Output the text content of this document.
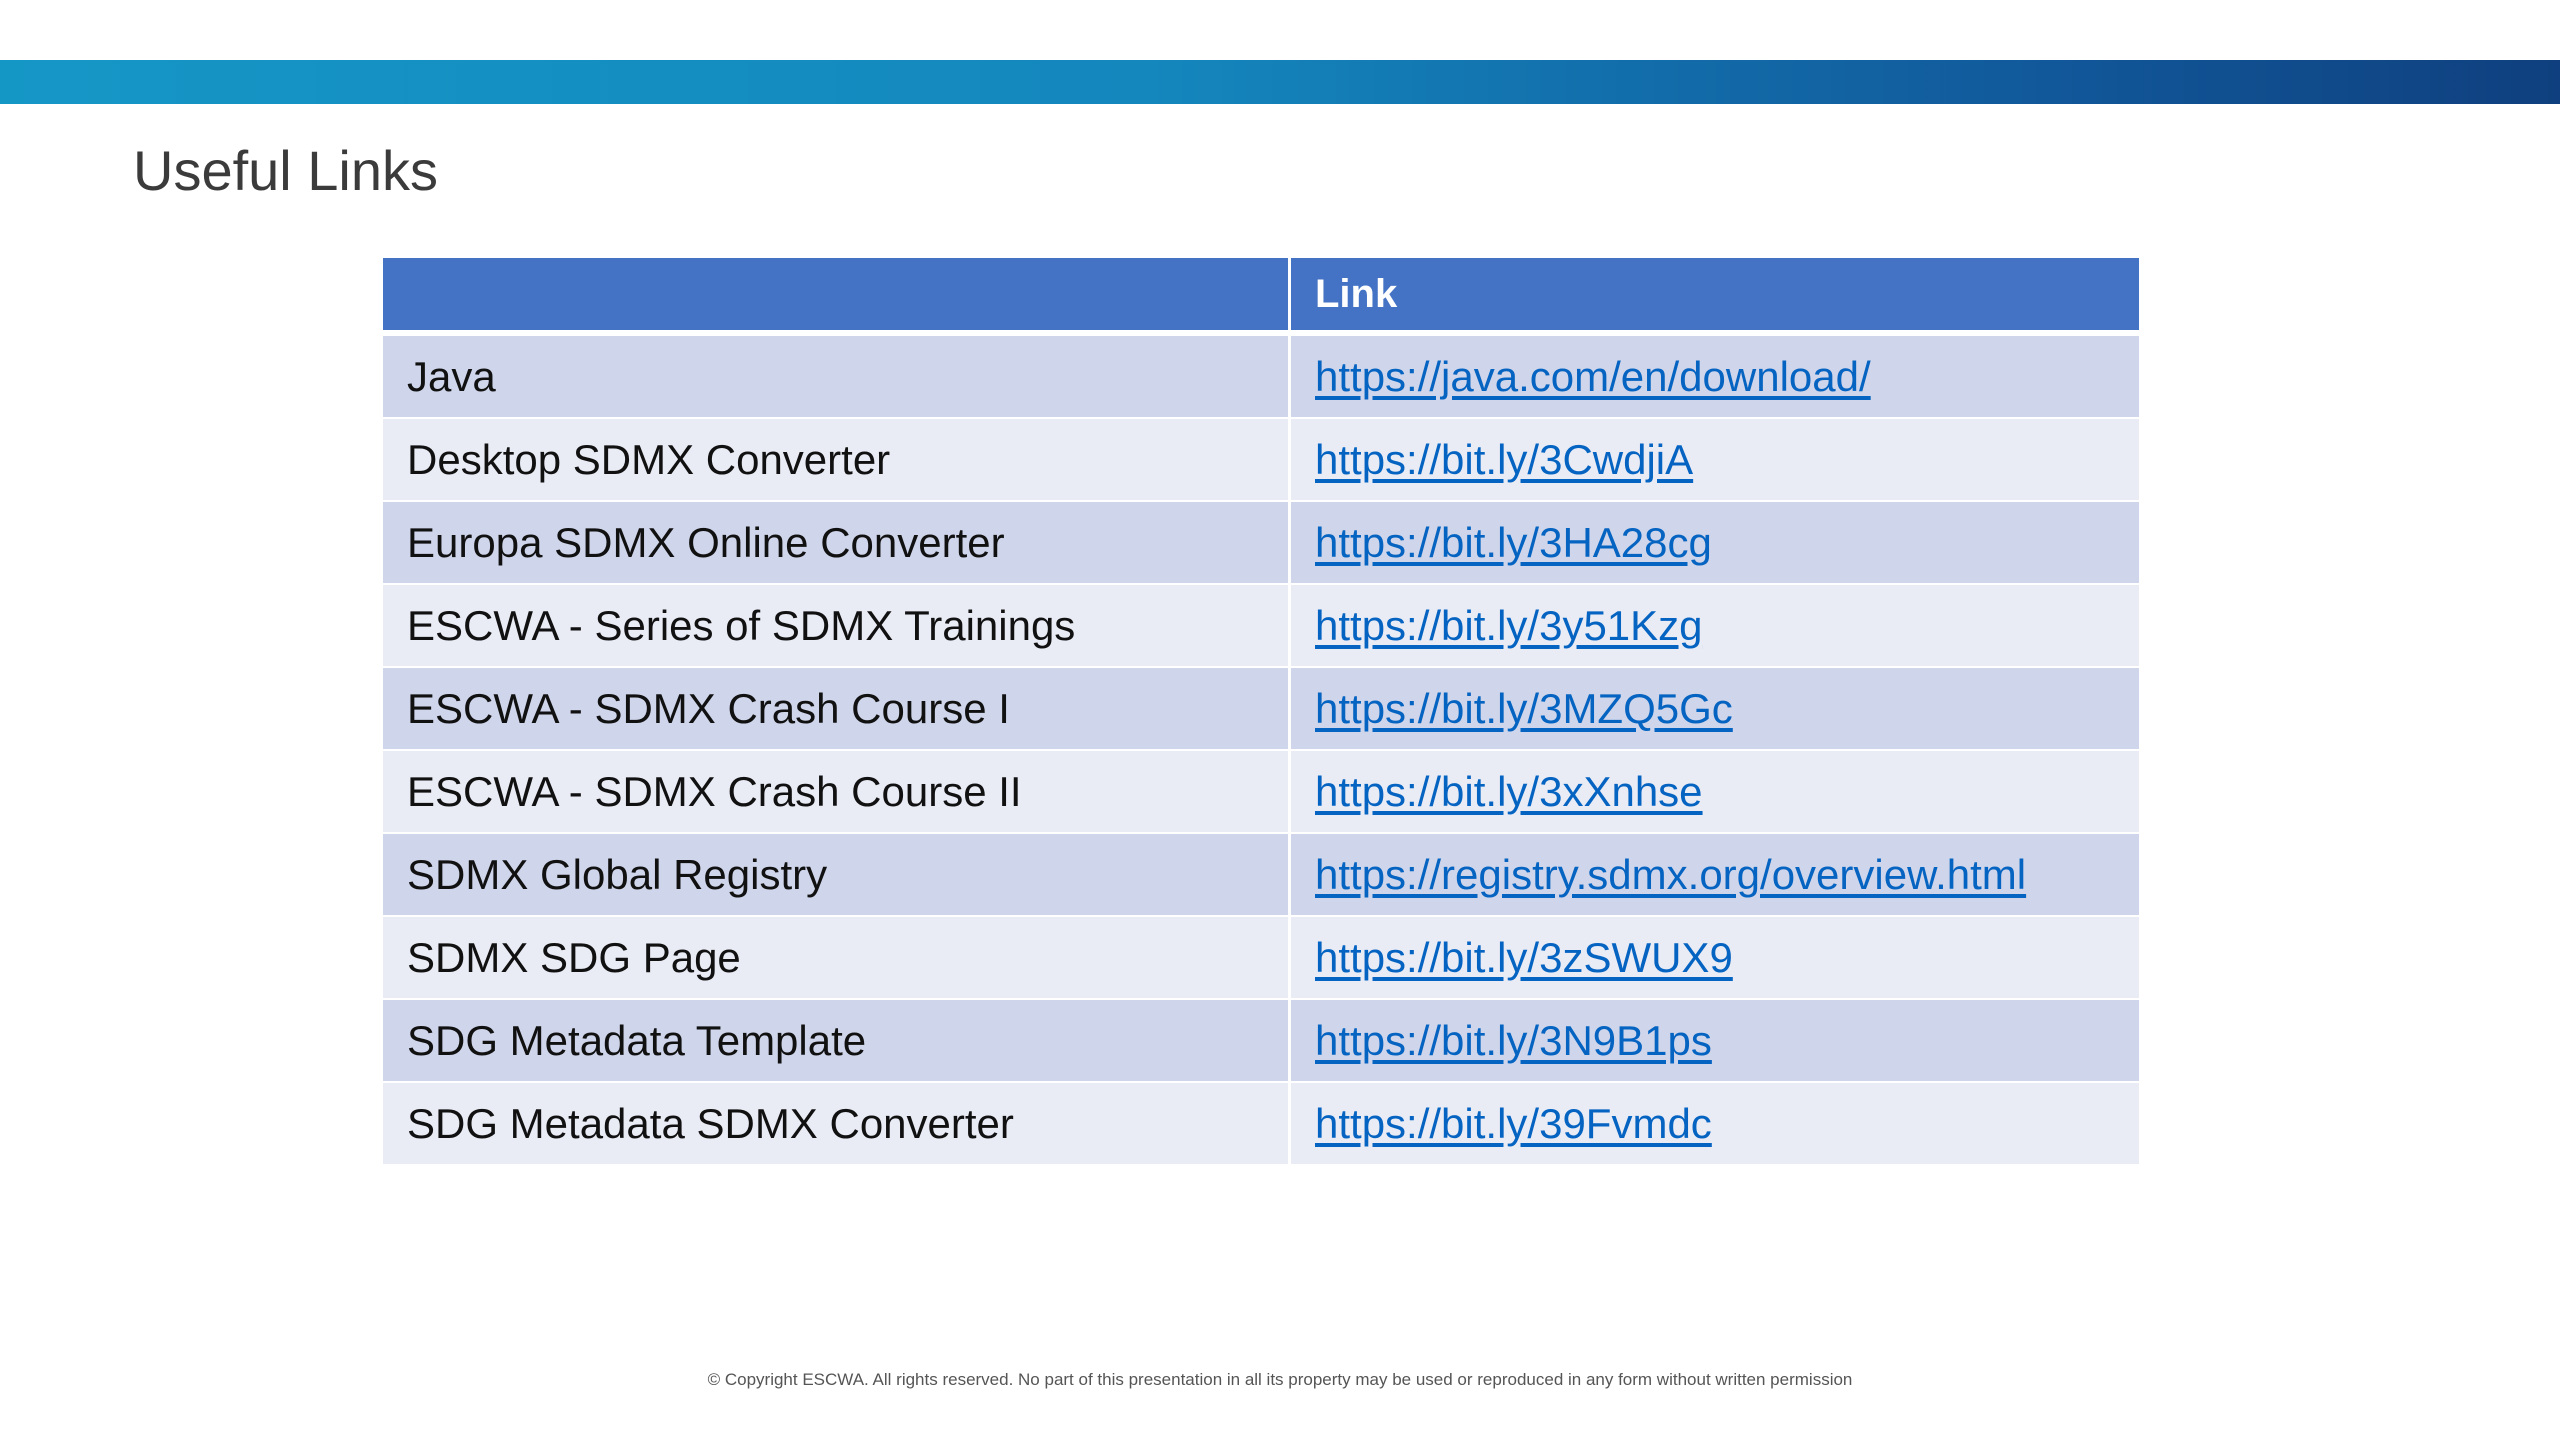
Useful Links
	Link
Java	https://java.com/en/download/
Desktop SDMX Converter	https://bit.ly/3CwdjiA
Europa SDMX Online Converter	https://bit.ly/3HA28cg
ESCWA - Series of SDMX Trainings	https://bit.ly/3y51Kzg
ESCWA - SDMX Crash Course I	https://bit.ly/3MZQ5Gc
ESCWA - SDMX Crash Course II	https://bit.ly/3xXnhse
SDMX Global Registry	https://registry.sdmx.org/overview.html
SDMX SDG Page	https://bit.ly/3zSWUX9
SDG Metadata Template	https://bit.ly/3N9B1ps
SDG Metadata SDMX Converter	https://bit.ly/39Fvmdc
© Copyright ESCWA. All rights reserved. No part of this presentation in all its property may be used or reproduced in any form without written permission
